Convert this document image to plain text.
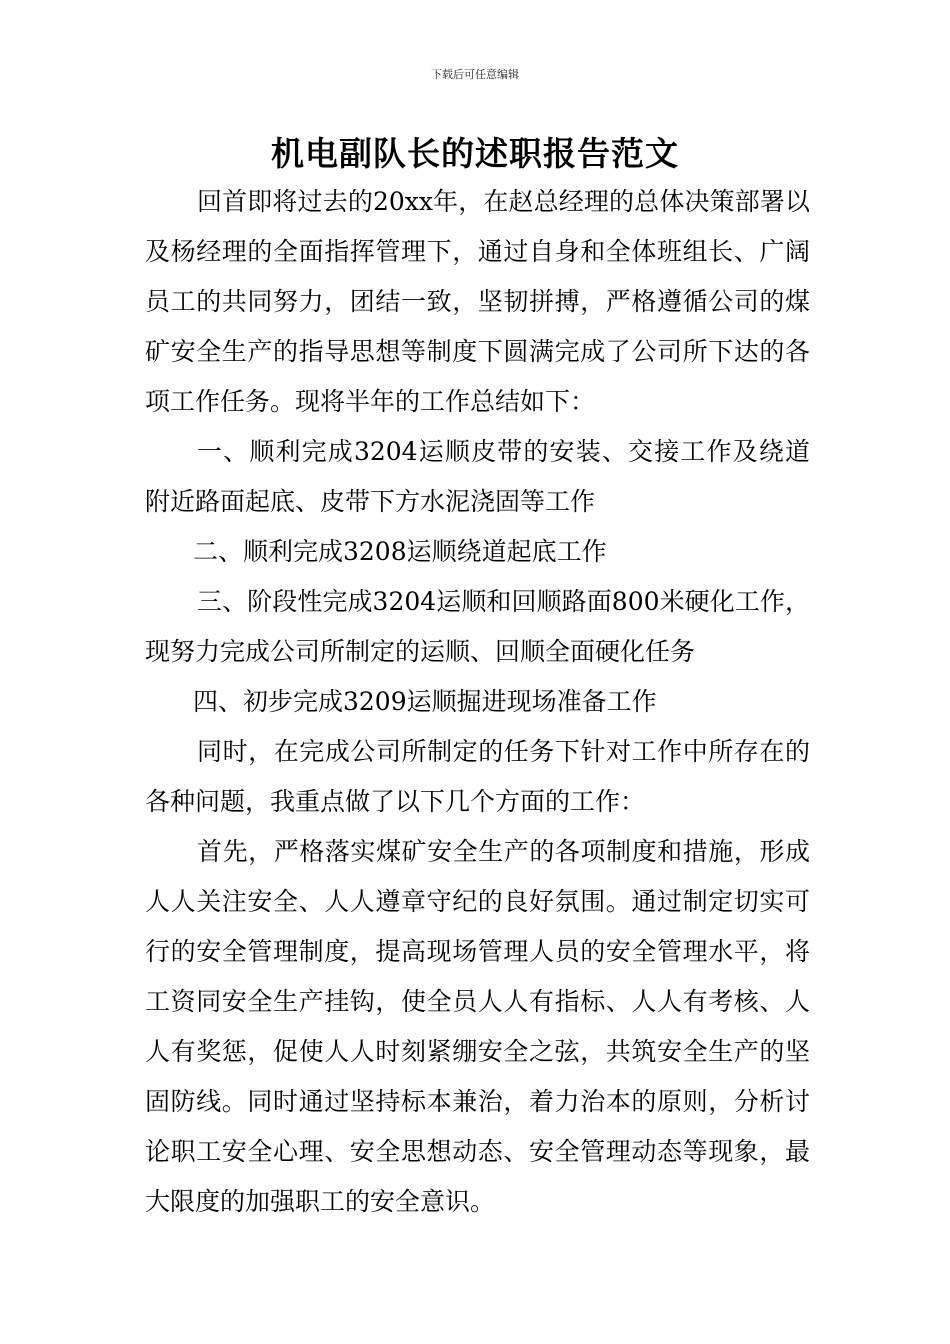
下载后可任意编辑
机电副队长的述职报告范文

回首即将过去的20xx年，在赵总经理的总体决策部署以及杨经理的全面指挥管理下，通过自身和全体班组长、广阔员工的共同努力，团结一致，坚韧拼搏，严格遵循公司的煤矿安全生产的指导思想等制度下圆满完成了公司所下达的各项工作任务。现将半年的工作总结如下：

一、顺利完成3204运顺皮带的安装、交接工作及绕道附近路面起底、皮带下方水泥浇固等工作

二、顺利完成3208运顺绕道起底工作

三、阶段性完成3204运顺和回顺路面800米硬化工作，现努力完成公司所制定的运顺、回顺全面硬化任务

四、初步完成3209运顺掘进现场准备工作

同时，在完成公司所制定的任务下针对工作中所存在的各种问题，我重点做了以下几个方面的工作：

首先，严格落实煤矿安全生产的各项制度和措施，形成人人关注安全、人人遵章守纪的良好氛围。通过制定切实可行的安全管理制度，提高现场管理人员的安全管理水平，将工资同安全生产挂钩，使全员人人有指标、人人有考核、人人有奖惩，促使人人时刻紧绷安全之弦，共筑安全生产的坚固防线。同时通过坚持标本兼治，着力治本的原则，分析讨论职工安全心理、安全思想动态、安全管理动态等现象，最大限度的加强职工的安全意识。
